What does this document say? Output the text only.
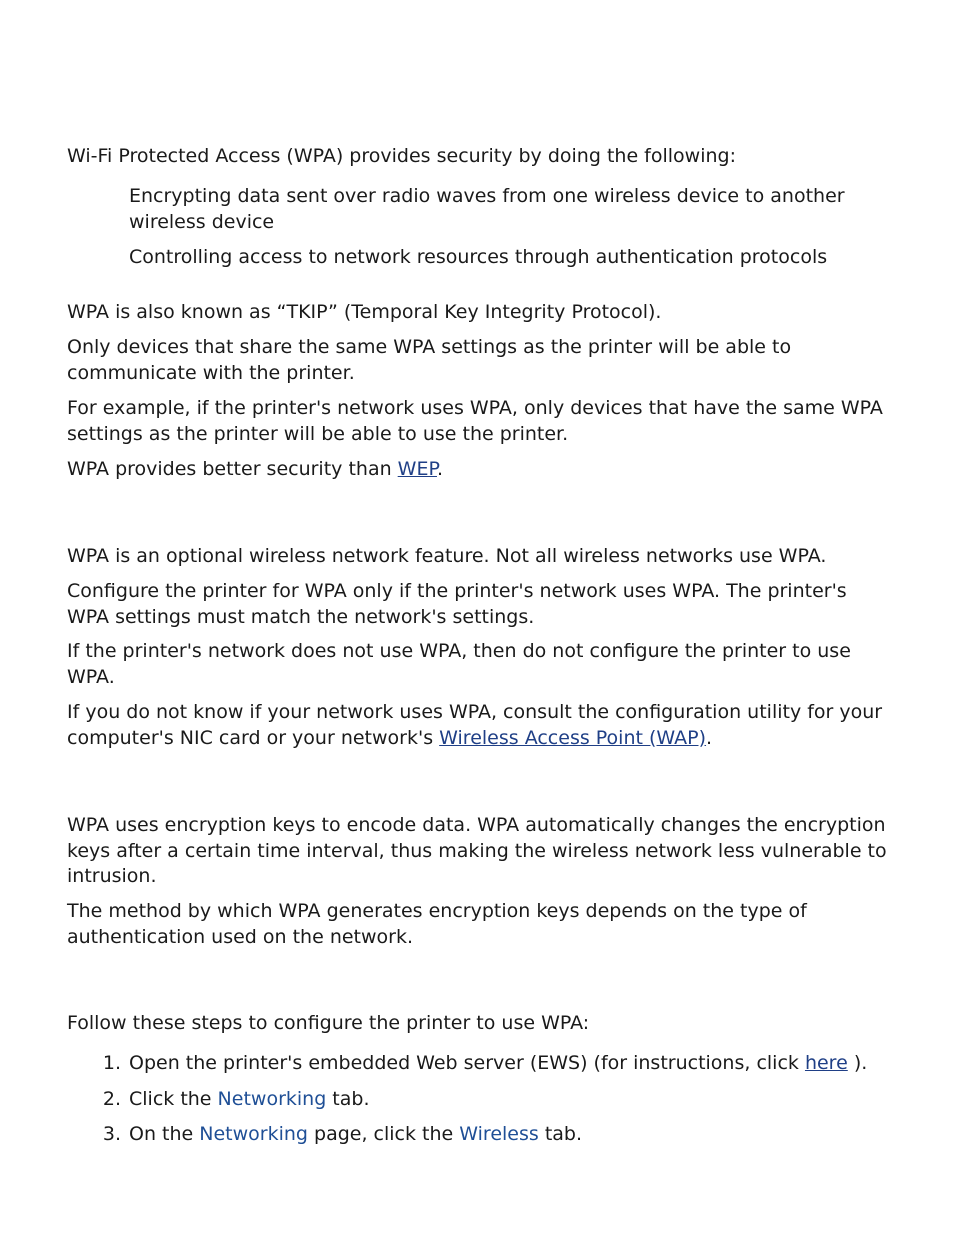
Wi-Fi Protected Access (WPA) provides security by doing the following:

Encrypting data sent over radio waves from one wireless device to another wireless device

Controlling access to network resources through authentication protocols

WPA is also known as “TKIP” (Temporal Key Integrity Protocol).

Only devices that share the same WPA settings as the printer will be able to communicate with the printer.

For example, if the printer's network uses WPA, only devices that have the same WPA settings as the printer will be able to use the printer.

WPA provides better security than WEP.

WPA is an optional wireless network feature. Not all wireless networks use WPA.

Configure the printer for WPA only if the printer's network uses WPA. The printer's WPA settings must match the network's settings.

If the printer's network does not use WPA, then do not configure the printer to use WPA.

If you do not know if your network uses WPA, consult the configuration utility for your computer's NIC card or your network's Wireless Access Point (WAP).

WPA uses encryption keys to encode data. WPA automatically changes the encryption keys after a certain time interval, thus making the wireless network less vulnerable to intrusion.

The method by which WPA generates encryption keys depends on the type of authentication used on the network.

Follow these steps to configure the printer to use WPA:

1. Open the printer's embedded Web server (EWS) (for instructions, click here ).

2. Click the Networking tab.

3. On the Networking page, click the Wireless tab.
